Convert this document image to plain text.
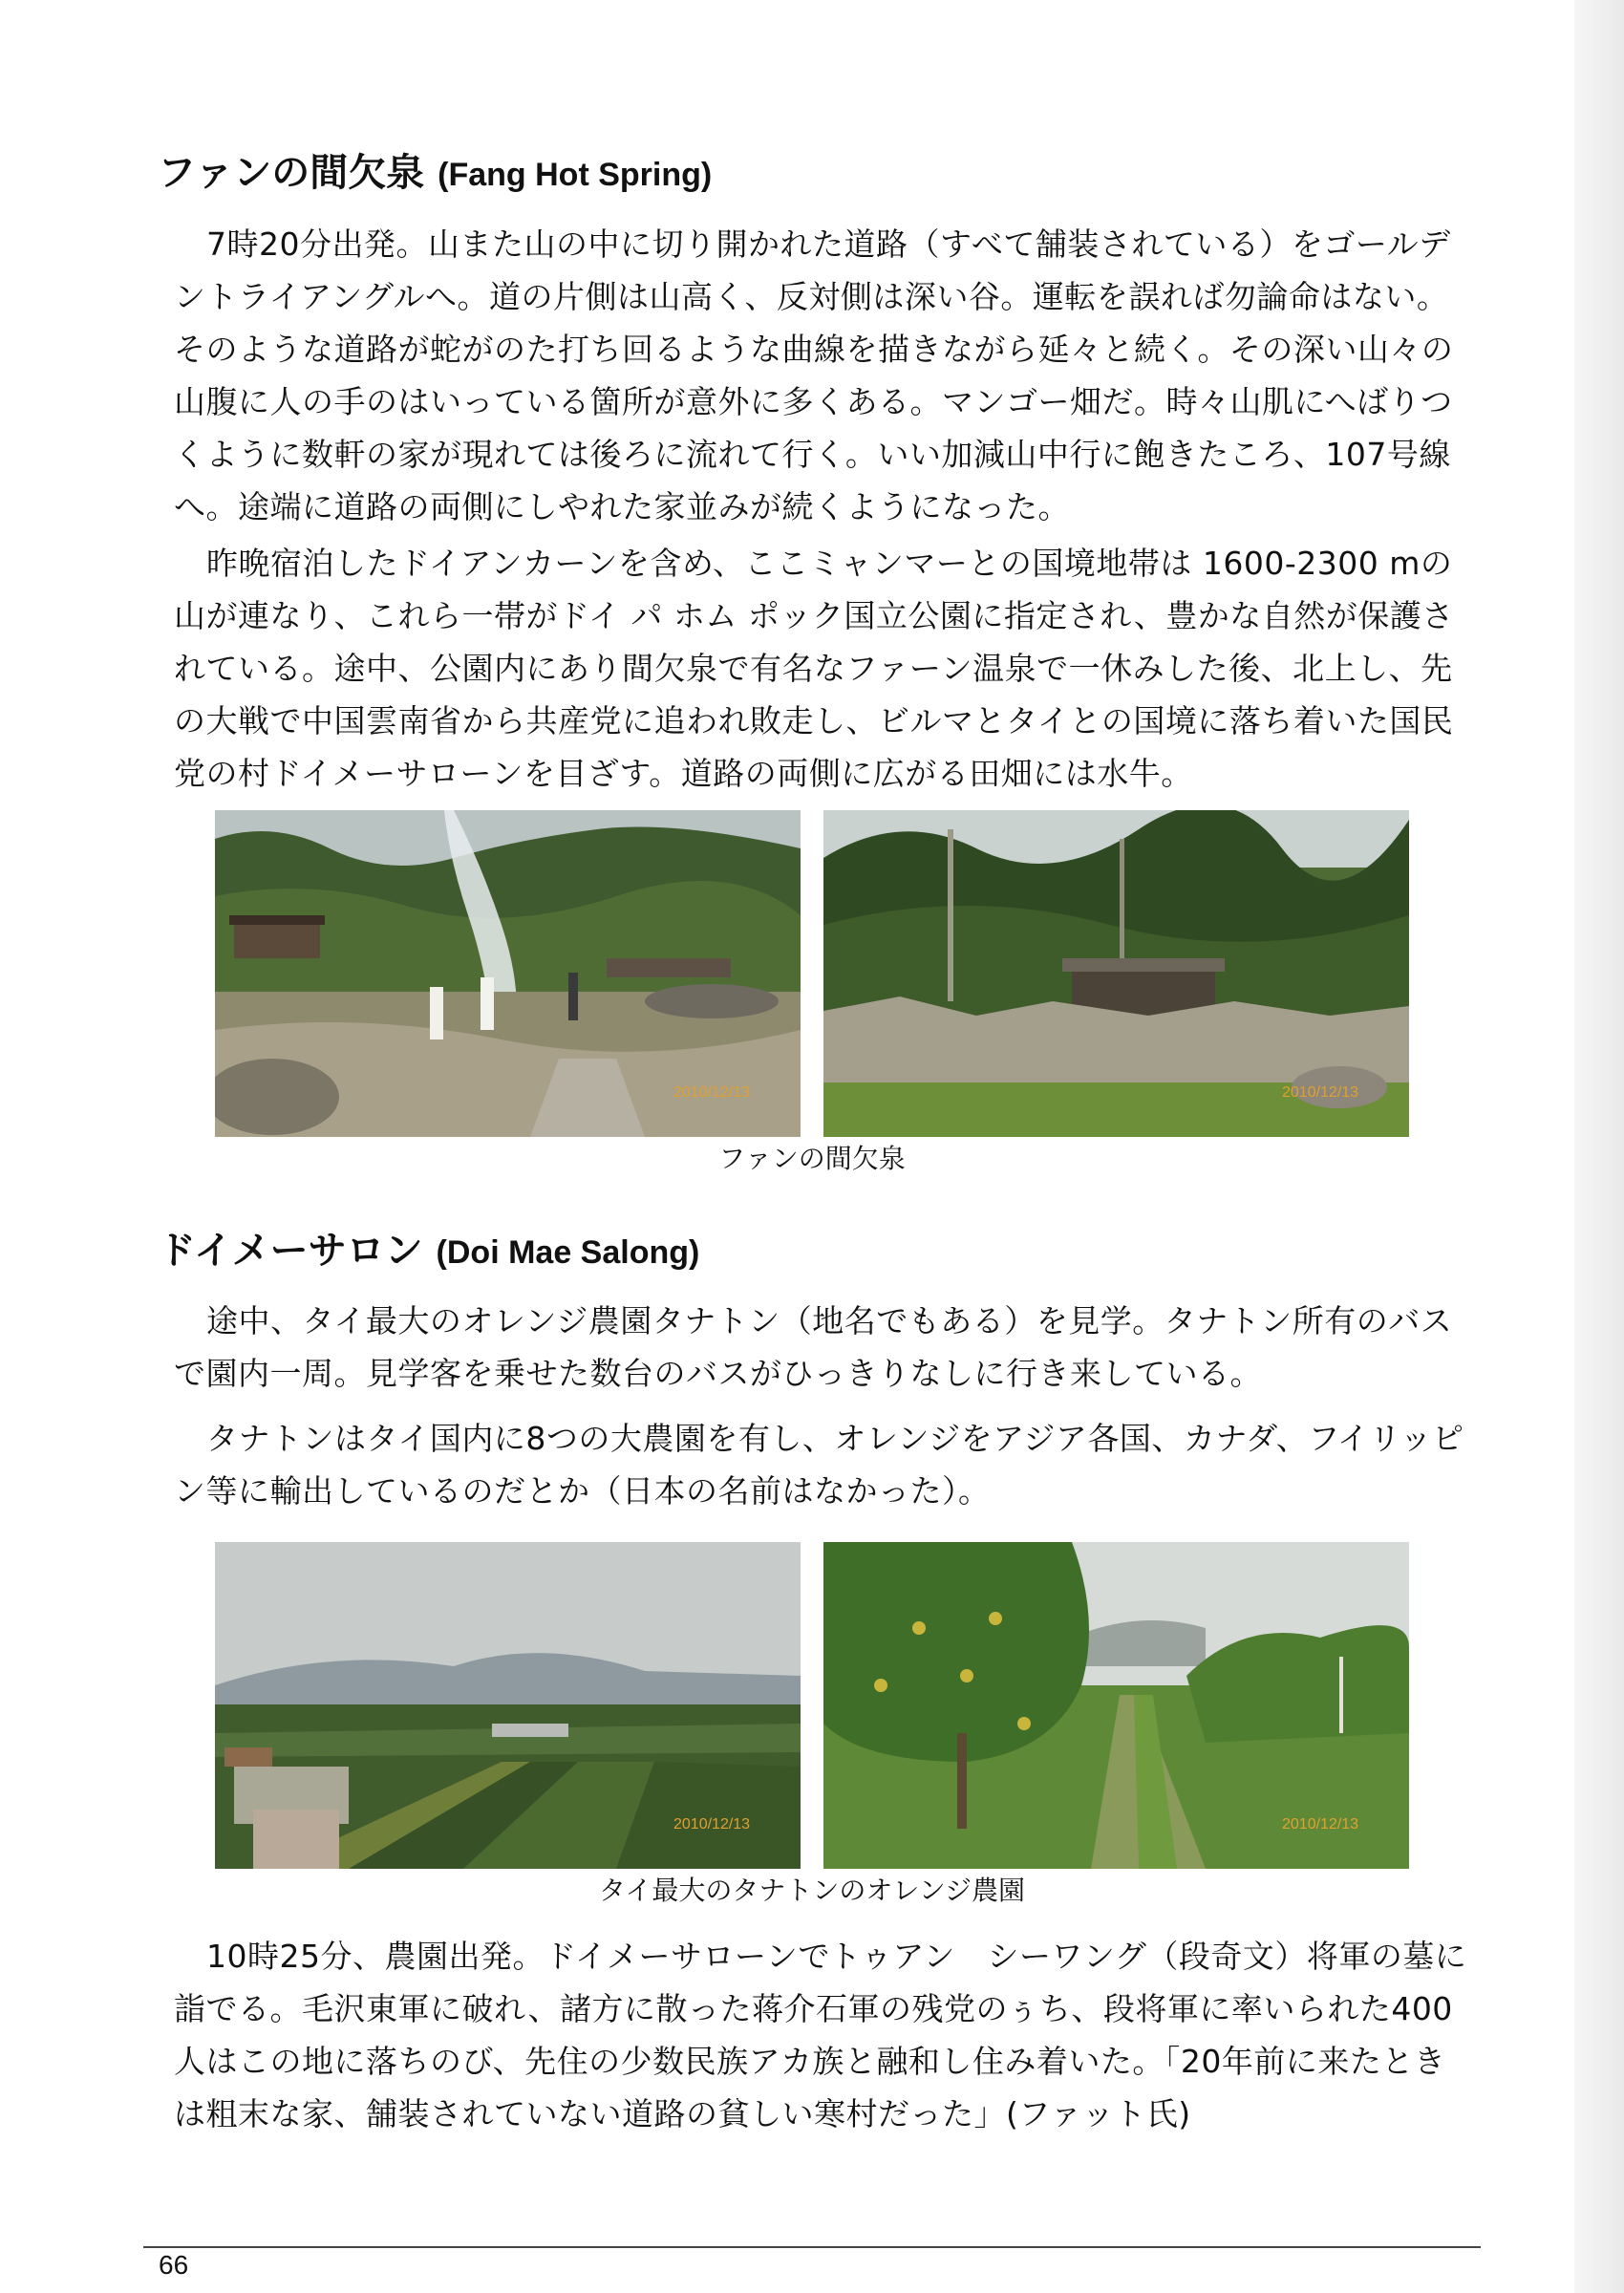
ファンの間欠泉 (Fang Hot Spring)

7時20分出発。山また山の中に切り開かれた道路（すべて舗装されている）をゴールデントライアングルへ。道の片側は山高く、反対側は深い谷。運転を誤れば勿論命はない。そのような道路が蛇がのた打ち回るような曲線を描きながら延々と続く。その深い山々の山腹に人の手のはいっている箇所が意外に多くある。マンゴー畑だ。時々山肌にへばりつくように数軒の家が現れては後ろに流れて行く。いい加減山中行に飽きたころ、107号線へ。途端に道路の両側にしやれた家並みが続くようになった。

昨晩宿泊したドイアンカーンを含め、ここミャンマーとの国境地帯は 1600-2300 mの山が連なり、これら一帯がドイ パ ホム ポック国立公園に指定され、豊かな自然が保護されている。途中、公園内にあり間欠泉で有名なファーン温泉で一休みした後、北上し、先の大戦で中国雲南省から共産党に追われ敗走し、ビルマとタイとの国境に落ち着いた国民党の村ドイメーサローンを目ざす。道路の両側に広がる田畑には水牛。

2010/12/13	2010/12/13

ファンの間欠泉

ドイメーサロン (Doi Mae Salong)

途中、タイ最大のオレンジ農園タナトン（地名でもある）を見学。タナトン所有のバスで園内一周。見学客を乗せた数台のバスがひっきりなしに行き来している。

タナトンはタイ国内に8つの大農園を有し、オレンジをアジア各国、カナダ、フイリッピン等に輸出しているのだとか（日本の名前はなかった）。

2010/12/13	2010/12/13

タイ最大のタナトンのオレンジ農園

10時25分、農園出発。ドイメーサローンでトゥアン　シーワング（段奇文）将軍の墓に詣でる。毛沢東軍に破れ、諸方に散った蒋介石軍の残党のぅち、段将軍に率いられた400人はこの地に落ちのび、先住の少数民族アカ族と融和し住み着いた。「20年前に来たときは粗末な家、舗装されていない道路の貧しい寒村だった」(ファット氏)

66
